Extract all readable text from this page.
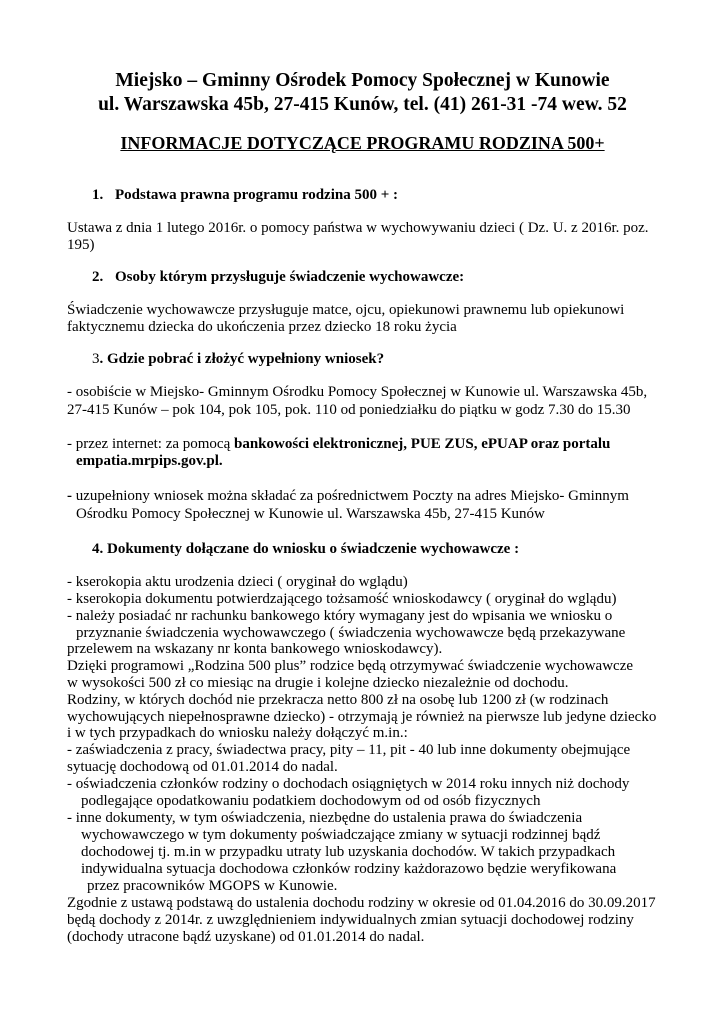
Miejsko – Gminny Ośrodek Pomocy Społecznej w Kunowie
ul. Warszawska 45b, 27-415 Kunów, tel. (41) 261-31 -74 wew. 52
INFORMACJE DOTYCZĄCE PROGRAMU RODZINA 500+
1. Podstawa prawna programu rodzina 500 + :
Ustawa z dnia 1 lutego 2016r. o pomocy państwa w wychowywaniu dzieci ( Dz. U. z 2016r. poz.
195)
2. Osoby którym przysługuje świadczenie wychowawcze:
Świadczenie wychowawcze przysługuje matce, ojcu, opiekunowi prawnemu lub opiekunowi
faktycznemu dziecka do ukończenia przez dziecko 18 roku życia
3. Gdzie pobrać i złożyć wypełniony wniosek?
- osobiście w Miejsko- Gminnym Ośrodku Pomocy Społecznej w Kunowie ul. Warszawska 45b,
27-415 Kunów – pok 104, pok 105, pok. 110 od poniedziałku do piątku w godz 7.30 do 15.30
- przez internet: za pomocą bankowości elektronicznej, PUE ZUS, ePUAP oraz portalu
empatia.mrpips.gov.pl.
- uzupełniony wniosek można składać za pośrednictwem Poczty na adres Miejsko- Gminnym
Ośrodku Pomocy Społecznej w Kunowie ul. Warszawska 45b, 27-415 Kunów
4. Dokumenty dołączane do wniosku o świadczenie wychowawcze :
- kserokopia aktu urodzenia dzieci ( oryginał do wglądu)
- kserokopia dokumentu potwierdzającego tożsamość wnioskodawcy ( oryginał do wglądu)
- należy posiadać nr rachunku bankowego który wymagany jest do wpisania we wniosku o
przyznanie świadczenia wychowawczego ( świadczenia wychowawcze będą przekazywane
przelewem na wskazany nr konta bankowego wnioskodawcy).
Dzięki programowi „Rodzina 500 plus” rodzice będą otrzymywać świadczenie wychowawcze
w wysokości 500 zł co miesiąc na drugie i kolejne dziecko niezależnie od dochodu.
Rodziny, w których dochód nie przekracza netto 800 zł na osobę lub 1200 zł (w rodzinach
wychowujących niepełnosprawne dziecko) - otrzymają je również na pierwsze lub jedyne dziecko
i w tych przypadkach do wniosku należy dołączyć m.in.:
- zaświadczenia z pracy, świadectwa pracy, pity – 11, pit - 40 lub inne dokumenty obejmujące
sytuację dochodową od 01.01.2014 do nadal.
- oświadczenia członków rodziny o dochodach osiągniętych w 2014 roku innych niż dochody
podlegające opodatkowaniu podatkiem dochodowym od od osób fizycznych
- inne dokumenty, w tym oświadczenia, niezbędne do ustalenia prawa do świadczenia
wychowawczego w tym dokumenty poświadczające zmiany w sytuacji rodzinnej bądź
dochodowej tj. m.in w przypadku utraty lub uzyskania dochodów. W takich przypadkach
indywidualna sytuacja dochodowa członków rodziny każdorazowo będzie weryfikowana
przez pracowników MGOPS w Kunowie.
Zgodnie z ustawą podstawą do ustalenia dochodu rodziny w okresie od 01.04.2016 do 30.09.2017
będą dochody z 2014r. z uwzględnieniem indywidualnych zmian sytuacji dochodowej rodziny
(dochody utracone bądź uzyskane) od 01.01.2014 do nadal.
